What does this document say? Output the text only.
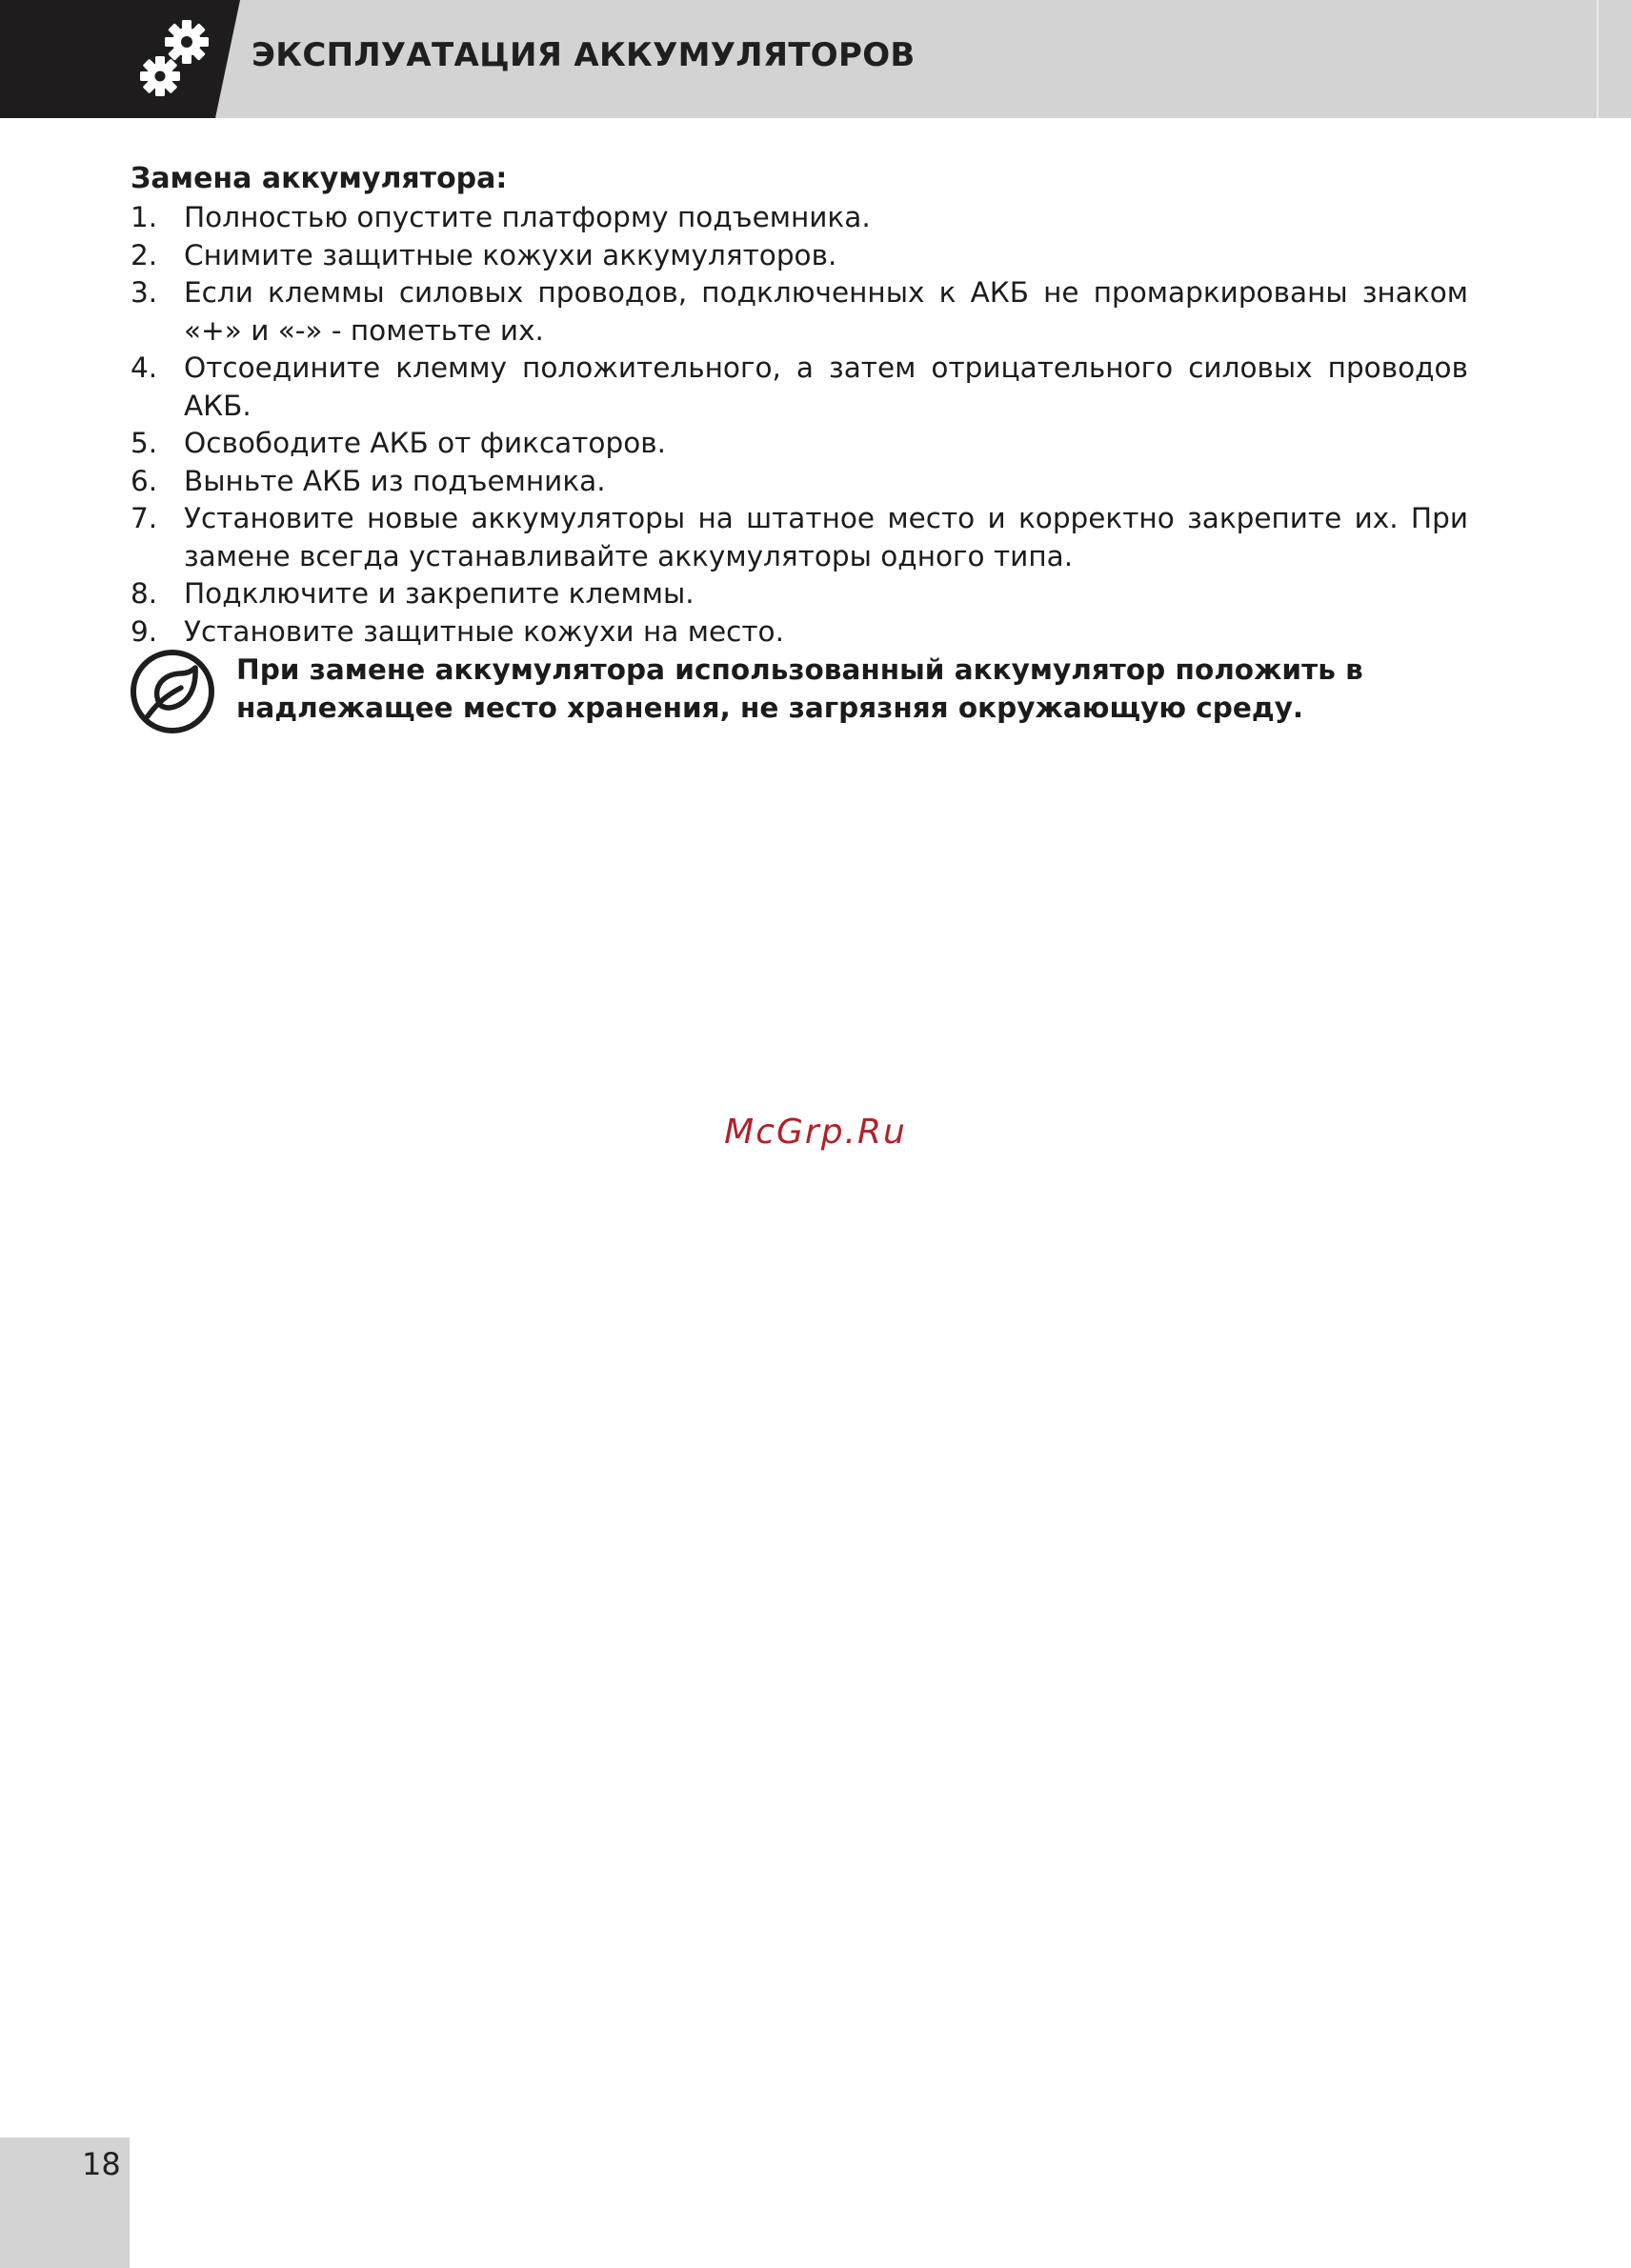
ЭКСПЛУАТАЦИЯ АККУМУЛЯТОРОВ
Замена аккумулятора:
1. Полностью опустите платформу подъемника.
2. Снимите защитные кожухи аккумуляторов.
3. Если клеммы силовых проводов, подключенных к АКБ не промаркированы знаком «+» и «-» - пометьте их.
4. Отсоедините клемму положительного, а затем отрицательного силовых проводов АКБ.
5. Освободите АКБ от фиксаторов.
6. Выньте АКБ из подъемника.
7. Установите новые аккумуляторы на штатное место и корректно закрепите их. При замене всегда устанавливайте аккумуляторы одного типа.
8. Подключите и закрепите клеммы.
9. Установите защитные кожухи на место.
При замене аккумулятора использованный аккумулятор положить в надлежащее место хранения, не загрязняя окружающую среду.
McGrp.Ru
18
